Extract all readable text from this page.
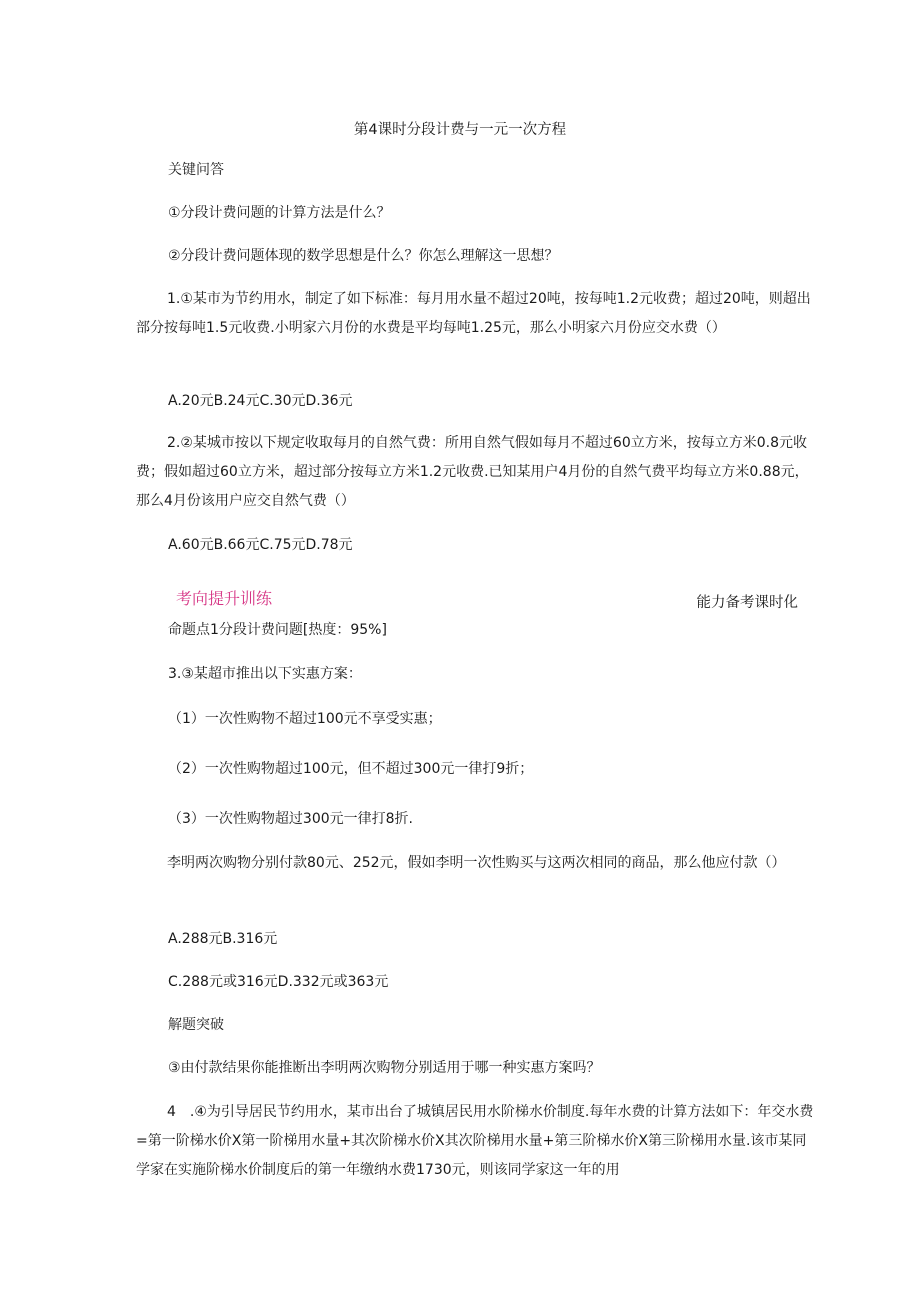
第4课时分段计费与一元一次方程

关键问答

①分段计费问题的计算方法是什么？

②分段计费问题体现的数学思想是什么？你怎么理解这一思想？

1.①某市为节约用水，制定了如下标准：每月用水量不超过20吨，按每吨1.2元收费；超过20吨，则超出部分按每吨1.5元收费.小明家六月份的水费是平均每吨1.25元，那么小明家六月份应交水费（）

A.20元B.24元C.30元D.36元

2.②某城市按以下规定收取每月的自然气费：所用自然气假如每月不超过60立方米，按每立方米0.8元收费；假如超过60立方米，超过部分按每立方米1.2元收费.已知某用户4月份的自然气费平均每立方米0.88元，那么4月份该用户应交自然气费（）

A.60元B.66元C.75元D.78元

考向提升训练	能力备考课时化

命题点1分段计费问题[热度：95%]

3.③某超市推出以下实惠方案：

（1）一次性购物不超过100元不享受实惠；

（2）一次性购物超过100元，但不超过300元一律打9折；

（3）一次性购物超过300元一律打8折.

李明两次购物分别付款80元、252元，假如李明一次性购买与这两次相同的商品，那么他应付款（）

A.288元B.316元

C.288元或316元D.332元或363元

解题突破

③由付款结果你能推断出李明两次购物分别适用于哪一种实惠方案吗？

4　.④为引导居民节约用水，某市出台了城镇居民用水阶梯水价制度.每年水费的计算方法如下：年交水费=第一阶梯水价X第一阶梯用水量+其次阶梯水价X其次阶梯用水量+第三阶梯水价X第三阶梯用水量.该市某同学家在实施阶梯水价制度后的第一年缴纳水费1730元，则该同学家这一年的用
